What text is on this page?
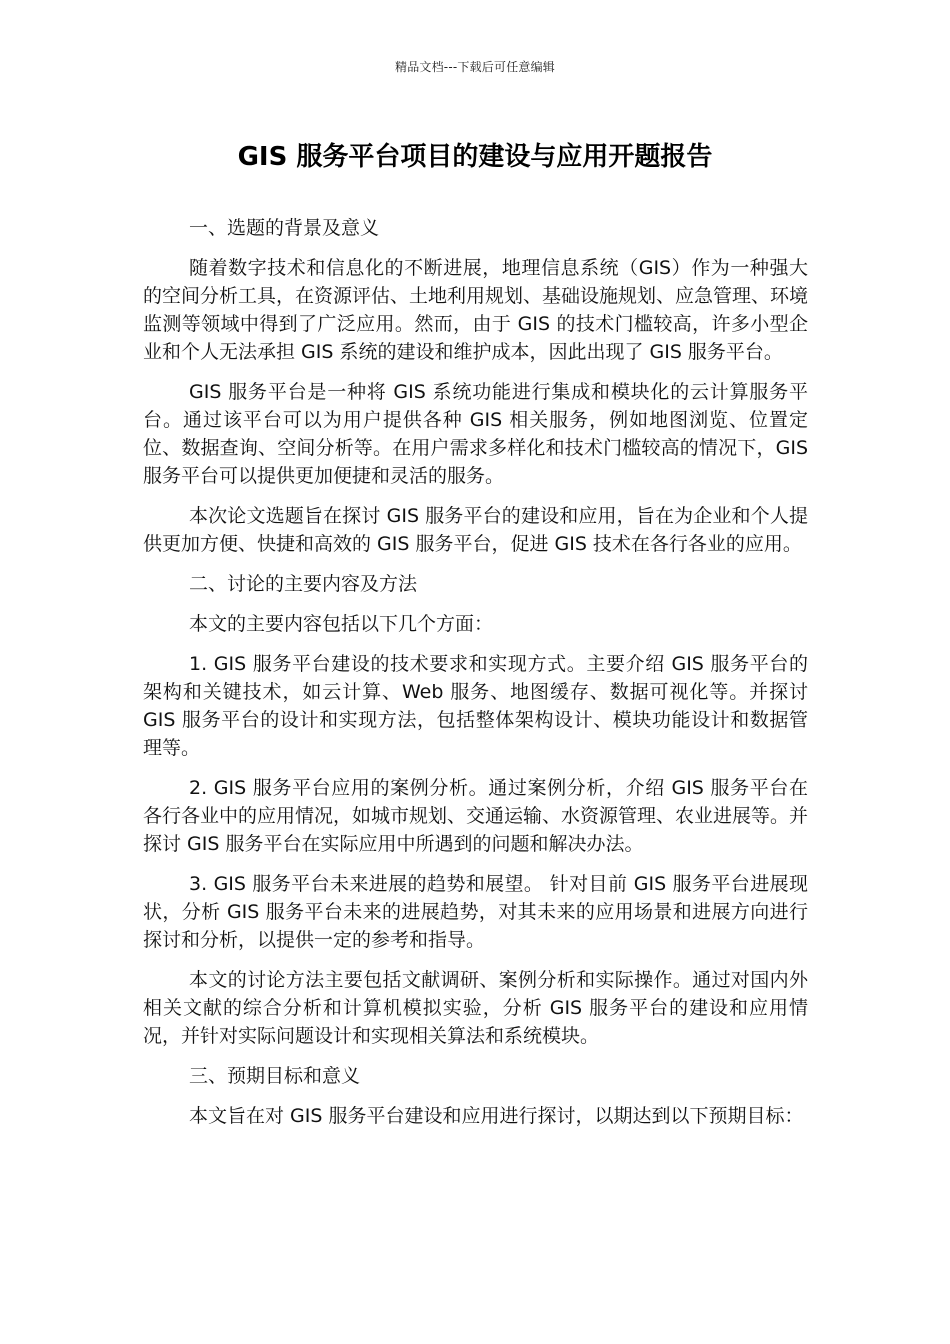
精品文档---下载后可任意编辑
GIS 服务平台项目的建设与应用开题报告

一、选题的背景及意义

随着数字技术和信息化的不断进展，地理信息系统（GIS）作为一种强大的空间分析工具，在资源评估、土地利用规划、基础设施规划、应急管理、环境监测等领域中得到了广泛应用。然而，由于 GIS 的技术门槛较高，许多小型企业和个人无法承担 GIS 系统的建设和维护成本，因此出现了 GIS 服务平台。

GIS 服务平台是一种将 GIS 系统功能进行集成和模块化的云计算服务平台。通过该平台可以为用户提供各种 GIS 相关服务，例如地图浏览、位置定位、数据查询、空间分析等。在用户需求多样化和技术门槛较高的情况下，GIS 服务平台可以提供更加便捷和灵活的服务。

本次论文选题旨在探讨 GIS 服务平台的建设和应用，旨在为企业和个人提供更加方便、快捷和高效的 GIS 服务平台，促进 GIS 技术在各行各业的应用。

二、讨论的主要内容及方法

本文的主要内容包括以下几个方面：

1. GIS 服务平台建设的技术要求和实现方式。主要介绍 GIS 服务平台的架构和关键技术，如云计算、Web 服务、地图缓存、数据可视化等。并探讨 GIS 服务平台的设计和实现方法，包括整体架构设计、模块功能设计和数据管理等。

2. GIS 服务平台应用的案例分析。通过案例分析，介绍 GIS 服务平台在各行各业中的应用情况，如城市规划、交通运输、水资源管理、农业进展等。并探讨 GIS 服务平台在实际应用中所遇到的问题和解决办法。

3. GIS 服务平台未来进展的趋势和展望。 针对目前 GIS 服务平台进展现状，分析 GIS 服务平台未来的进展趋势，对其未来的应用场景和进展方向进行探讨和分析，以提供一定的参考和指导。

本文的讨论方法主要包括文献调研、案例分析和实际操作。通过对国内外相关文献的综合分析和计算机模拟实验，分析 GIS 服务平台的建设和应用情况，并针对实际问题设计和实现相关算法和系统模块。

三、预期目标和意义

本文旨在对 GIS 服务平台建设和应用进行探讨，以期达到以下预期目标：
